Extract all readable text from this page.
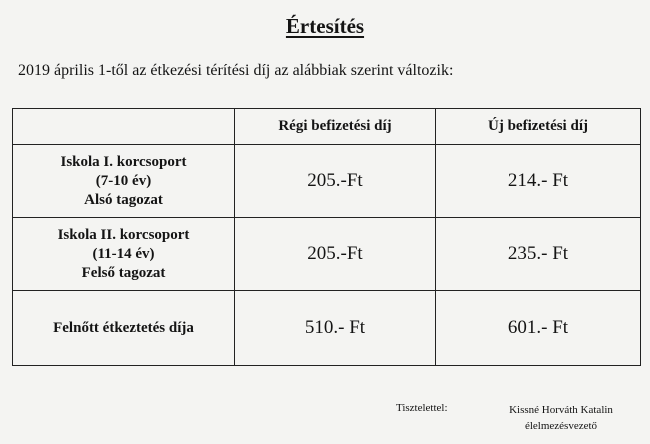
Értesítés
2019 április 1-től az étkezési térítési díj az alábbiak szerint változik:
	Régi befizetési díj	Új befizetési díj

Iskola I. korcsoport
(7-10 év)
Alsó tagozat	205.-Ft	214.- Ft

Iskola II. korcsoport
(11-14 év)
Felső tagozat	205.-Ft	235.- Ft

Felnőtt étkeztetés díja	510.- Ft	601.- Ft
Tisztelettel:	Kissné Horváth Katalin
élelmezésvezető
